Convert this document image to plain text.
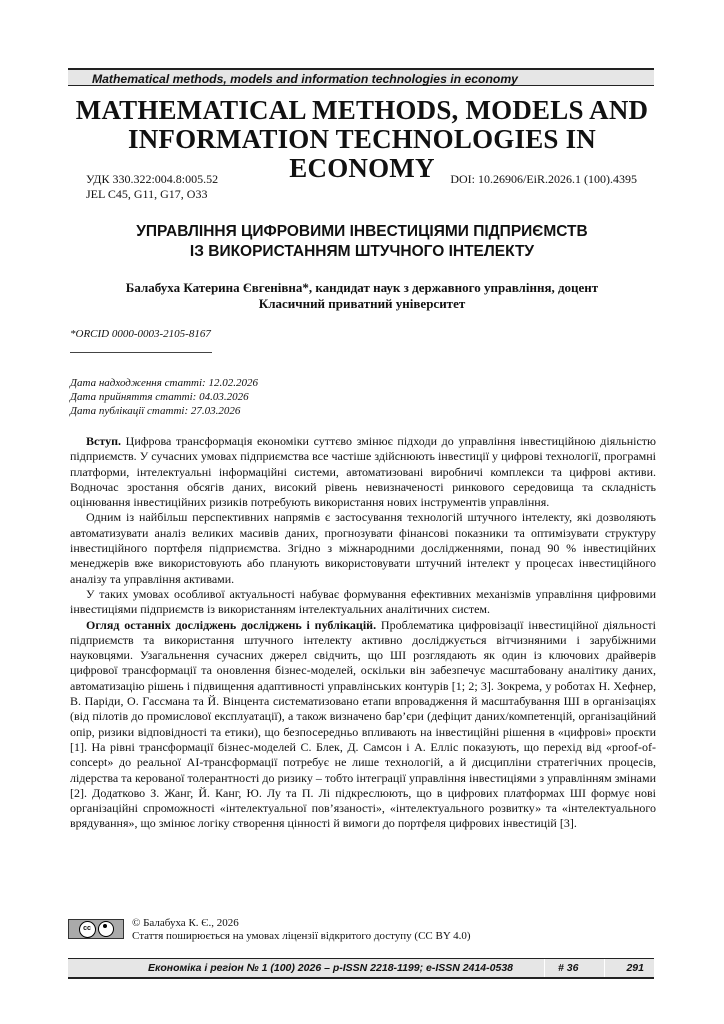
Mathematical methods, models and information technologies in economy
MATHEMATICAL METHODS, MODELS AND
INFORMATION TECHNOLOGIES IN ECONOMY
УДК 330.322:004.8:005.52
JEL C45, G11, G17, O33
DOI: 10.26906/EiR.2026.1 (100).4395
УПРАВЛІННЯ ЦИФРОВИМИ ІНВЕСТИЦІЯМИ ПІДПРИЄМСТВ
ІЗ ВИКОРИСТАННЯМ ШТУЧНОГО ІНТЕЛЕКТУ
Балабуха Катерина Євгенівна*, кандидат наук з державного управління, доцент
Класичний приватний університет
*ORCID 0000-0003-2105-8167
Дата надходження статті: 12.02.2026
Дата прийняття статті: 04.03.2026
Дата публікації статті: 27.03.2026

Вступ. Цифрова трансформація економіки суттєво змінює підходи до управління інвестиційною діяльністю підприємств. У сучасних умовах підприємства все частіше здійснюють інвестиції у цифрові технології, програмні платформи, інтелектуальні інформаційні системи, автоматизовані виробничі комплекси та цифрові активи. Водночас зростання обсягів даних, високий рівень невизначеності ринкового середовища та складність оцінювання інвестиційних ризиків потребують використання нових інструментів управління.

Одним із найбільш перспективних напрямів є застосування технологій штучного інтелекту, які дозволяють автоматизувати аналіз великих масивів даних, прогнозувати фінансові показники та оптимізувати структуру інвестиційного портфеля підприємства. Згідно з міжнародними дослідженнями, понад 90 % інвестиційних менеджерів вже використовують або планують використовувати штучний інтелект у процесах інвестиційного аналізу та управління активами.

У таких умовах особливої актуальності набуває формування ефективних механізмів управління цифровими інвестиціями підприємств із використанням інтелектуальних аналітичних систем.

Огляд останніх досліджень досліджень і публікацій. Проблематика цифровізації інвестиційної діяльності підприємств та використання штучного інтелекту активно досліджується вітчизняними і зарубіжними науковцями. Узагальнення сучасних джерел свідчить, що ШІ розглядають як один із ключових драйверів цифрової трансформації та оновлення бізнес-моделей, оскільки він забезпечує масштабовану аналітику даних, автоматизацію рішень і підвищення адаптивності управлінських контурів [1; 2; 3]. Зокрема, у роботах Н. Хефнер, В. Паріди, О. Гассмана та Й. Вінцента систематизовано етапи впровадження й масштабування ШІ в організаціях (від пілотів до промислової експлуатації), а також визначено бар’єри (дефіцит даних/компетенцій, організаційний опір, ризики відповідності та етики), що безпосередньо впливають на інвестиційні рішення в «цифрові» проєкти [1]. На рівні трансформації бізнес-моделей С. Блек, Д. Самсон і А. Елліс показують, що перехід від «proof-of-concept» до реальної AI-трансформації потребує не лише технологій, а й дисципліни стратегічних процесів, лідерства та керованої толерантності до ризику – тобто інтеграції управління інвестиціями з управлінням змінами [2]. Додатково З. Жанг, Й. Канг, Ю. Лу та П. Лі підкреслюють, що в цифрових платформах ШІ формує нові організаційні спроможності «інтелектуальної пов’язаності», «інтелектуального розвитку» та «інтелектуального врядування», що змінює логіку створення цінності й вимоги до портфеля цифрових інвестицій [3].

cc	© Балабуха К. Є., 2026
Стаття поширюється на умовах ліцензії відкритого доступу (CC BY 4.0)
Економіка і регіон № 1 (100) 2026 – p-ISSN 2218-1199; e-ISSN 2414-0538	# 36	291
